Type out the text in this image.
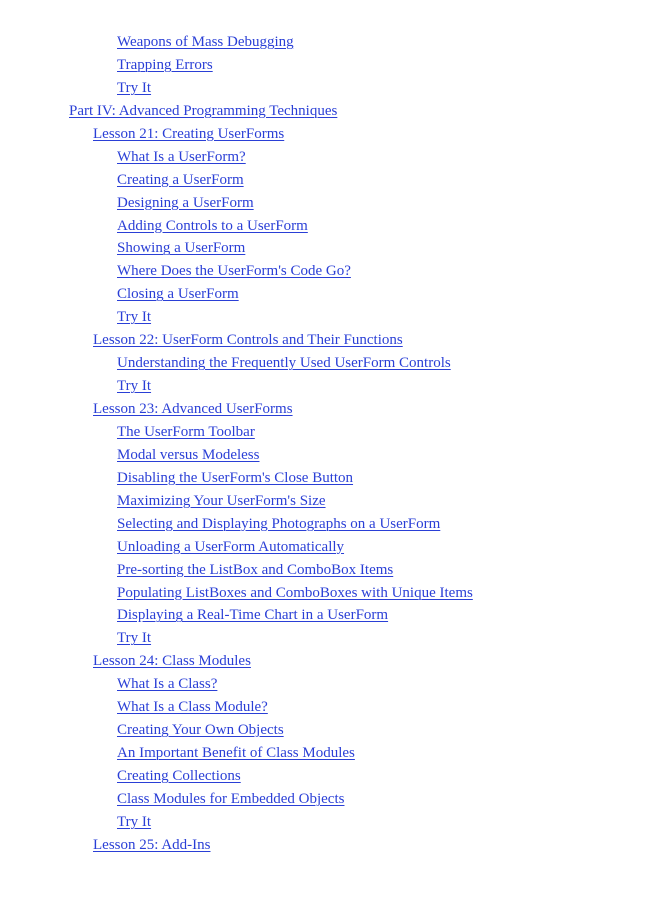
Weapons of Mass Debugging
Trapping Errors
Try It
Part IV: Advanced Programming Techniques
Lesson 21: Creating UserForms
What Is a UserForm?
Creating a UserForm
Designing a UserForm
Adding Controls to a UserForm
Showing a UserForm
Where Does the UserForm's Code Go?
Closing a UserForm
Try It
Lesson 22: UserForm Controls and Their Functions
Understanding the Frequently Used UserForm Controls
Try It
Lesson 23: Advanced UserForms
The UserForm Toolbar
Modal versus Modeless
Disabling the UserForm's Close Button
Maximizing Your UserForm's Size
Selecting and Displaying Photographs on a UserForm
Unloading a UserForm Automatically
Pre-sorting the ListBox and ComboBox Items
Populating ListBoxes and ComboBoxes with Unique Items
Displaying a Real-Time Chart in a UserForm
Try It
Lesson 24: Class Modules
What Is a Class?
What Is a Class Module?
Creating Your Own Objects
An Important Benefit of Class Modules
Creating Collections
Class Modules for Embedded Objects
Try It
Lesson 25: Add-Ins
